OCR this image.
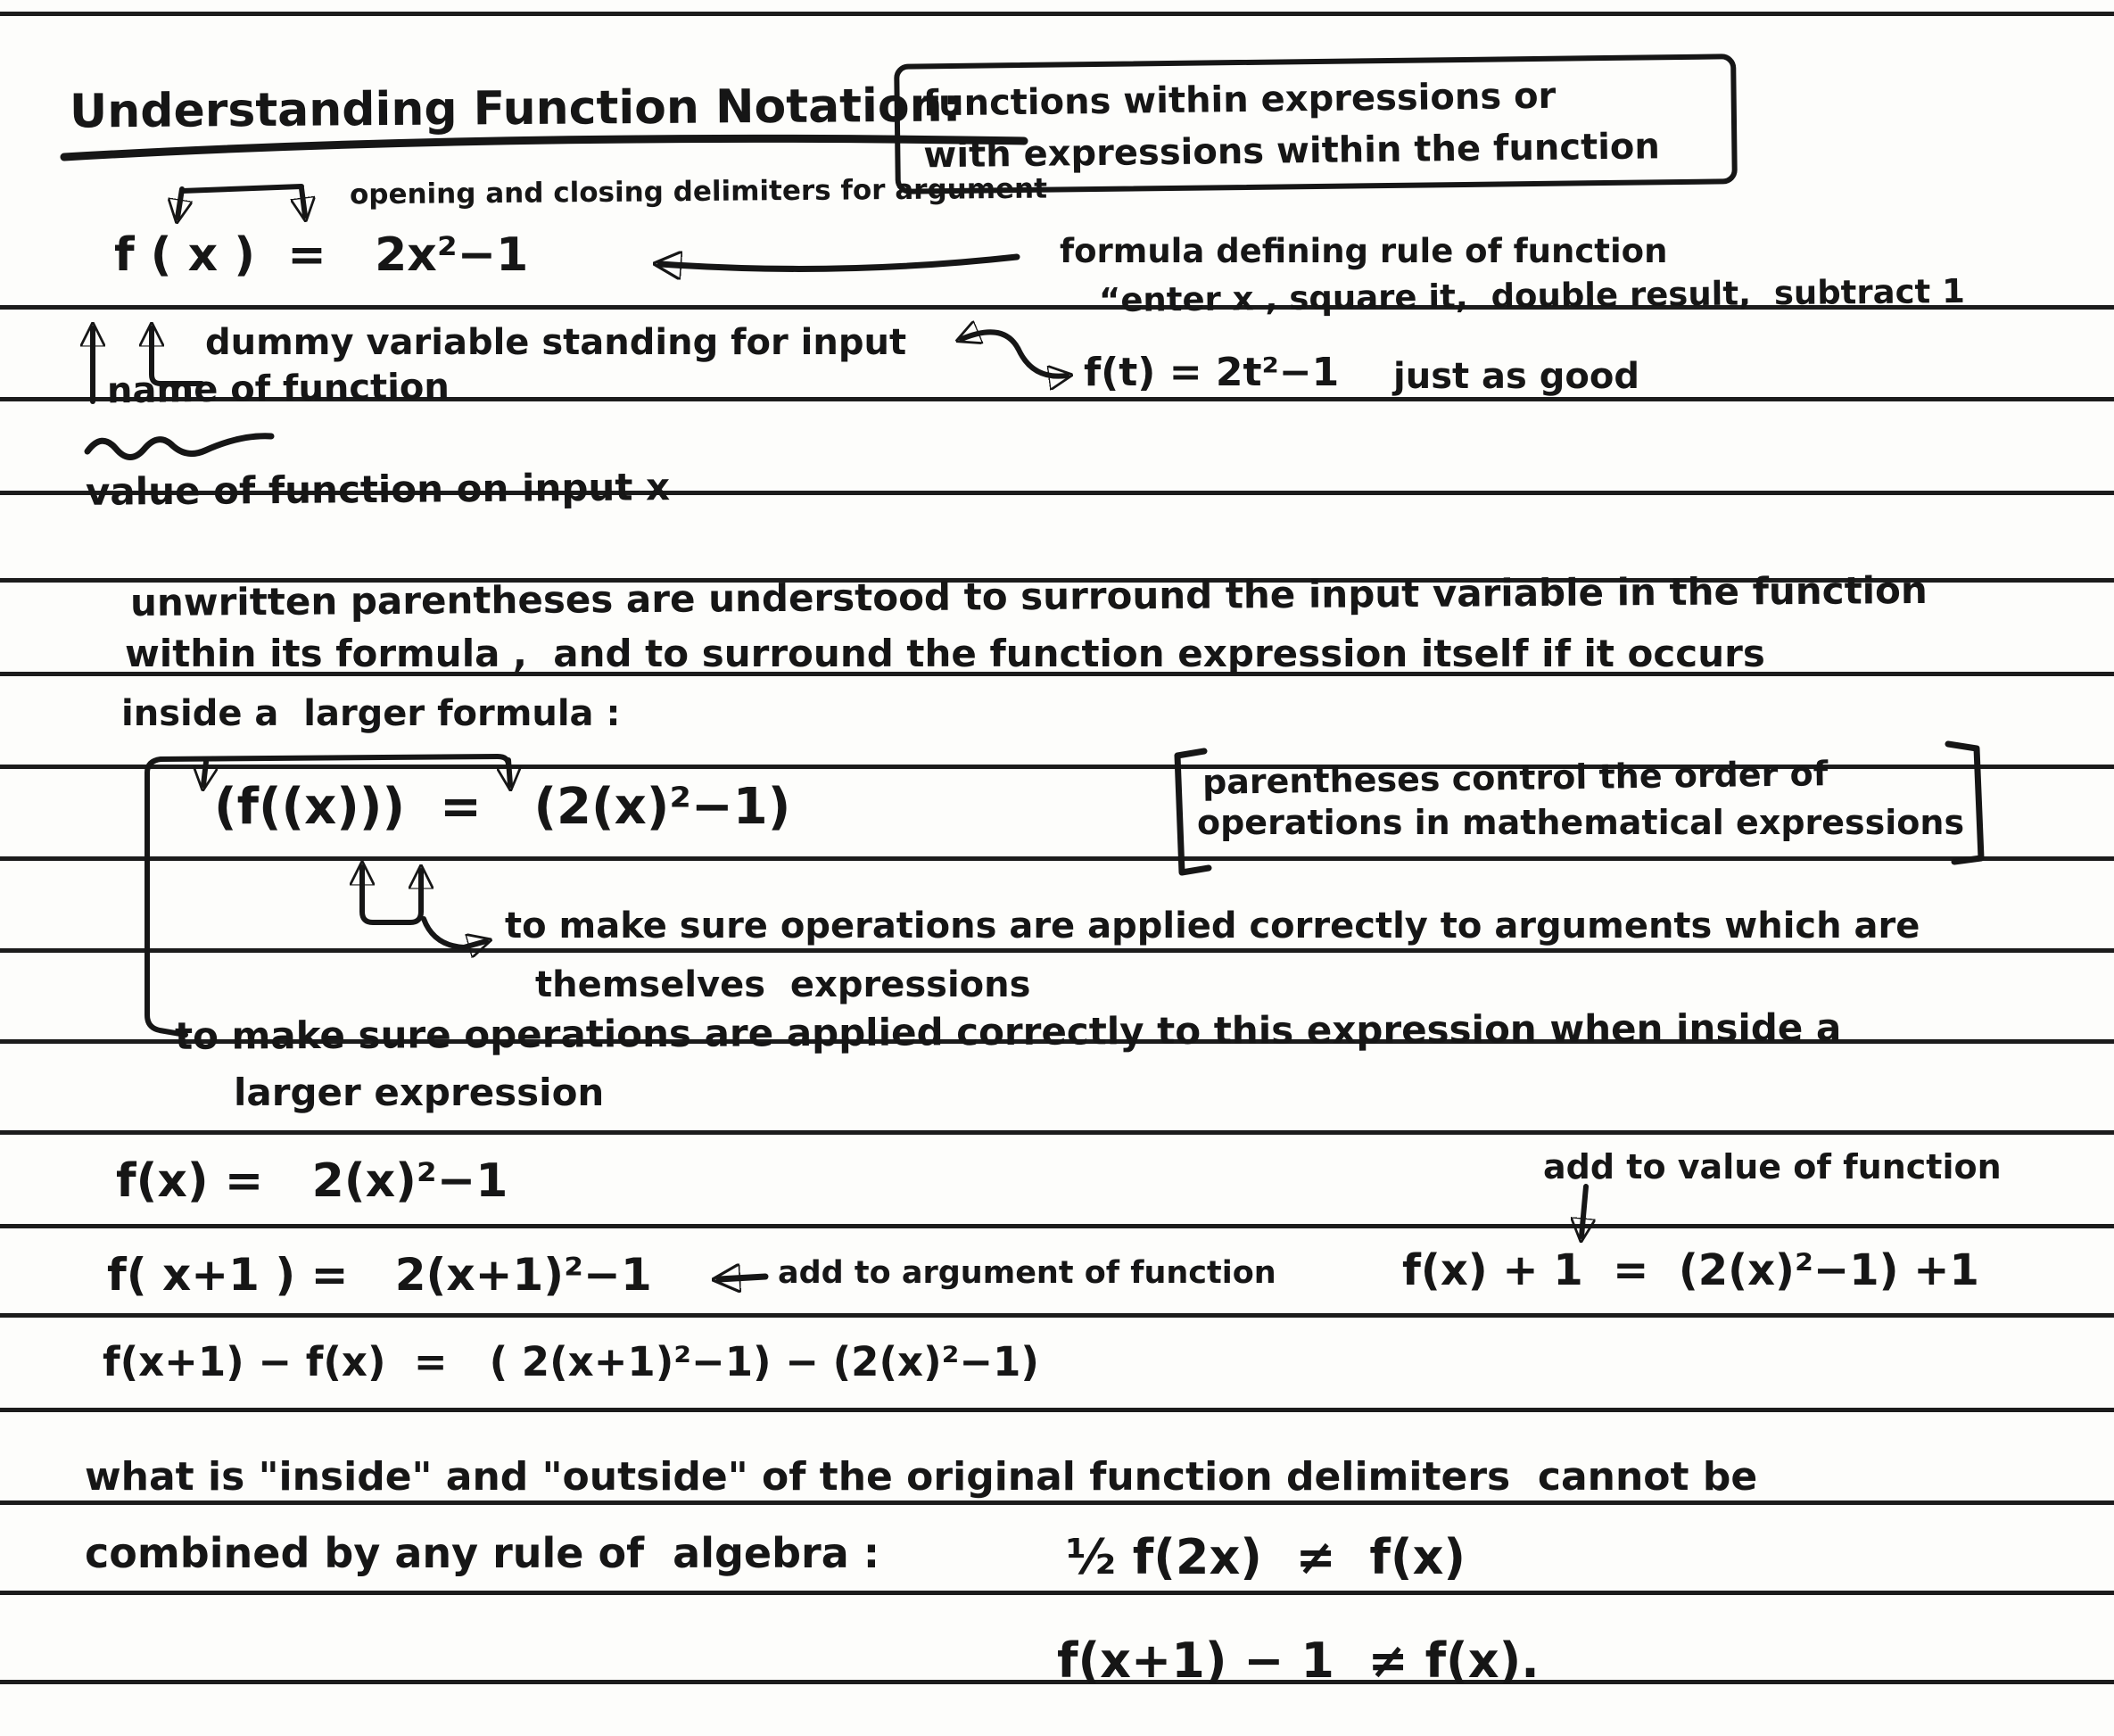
Understanding Function Notation:
functions within expressions or
with expressions within the function
opening and closing delimiters for argument
f ( x )  =   2x²−1	formula defining rule of function
“enter x , square it,  double result,  subtract 1
dummy variable standing for input
f(t) = 2t²−1 just as good
name of function
value of function on input x
unwritten parentheses are understood to surround the input variable in the function
within its formula ,  and to surround the function expression itself if it occurs
inside a  larger formula :
(f((x)))  =   (2(x)²−1)	parentheses control the order of
operations in mathematical expressions
to make sure operations are applied correctly to arguments which are
themselves  expressions
to make sure operations are applied correctly to this expression when inside a
larger expression
f(x) =   2(x)²−1
f( x+1 ) =   2(x+1)²−1	add to argument of function
add to value of function
f(x) + 1  =  (2(x)²−1) +1
f(x+1) − f(x)  =   ( 2(x+1)²−1) − (2(x)²−1)
what is "inside" and "outside" of the original function delimiters  cannot be
combined by any rule of  algebra :	½ f(2x)  ≠  f(x)
f(x+1) − 1  ≠ f(x).
